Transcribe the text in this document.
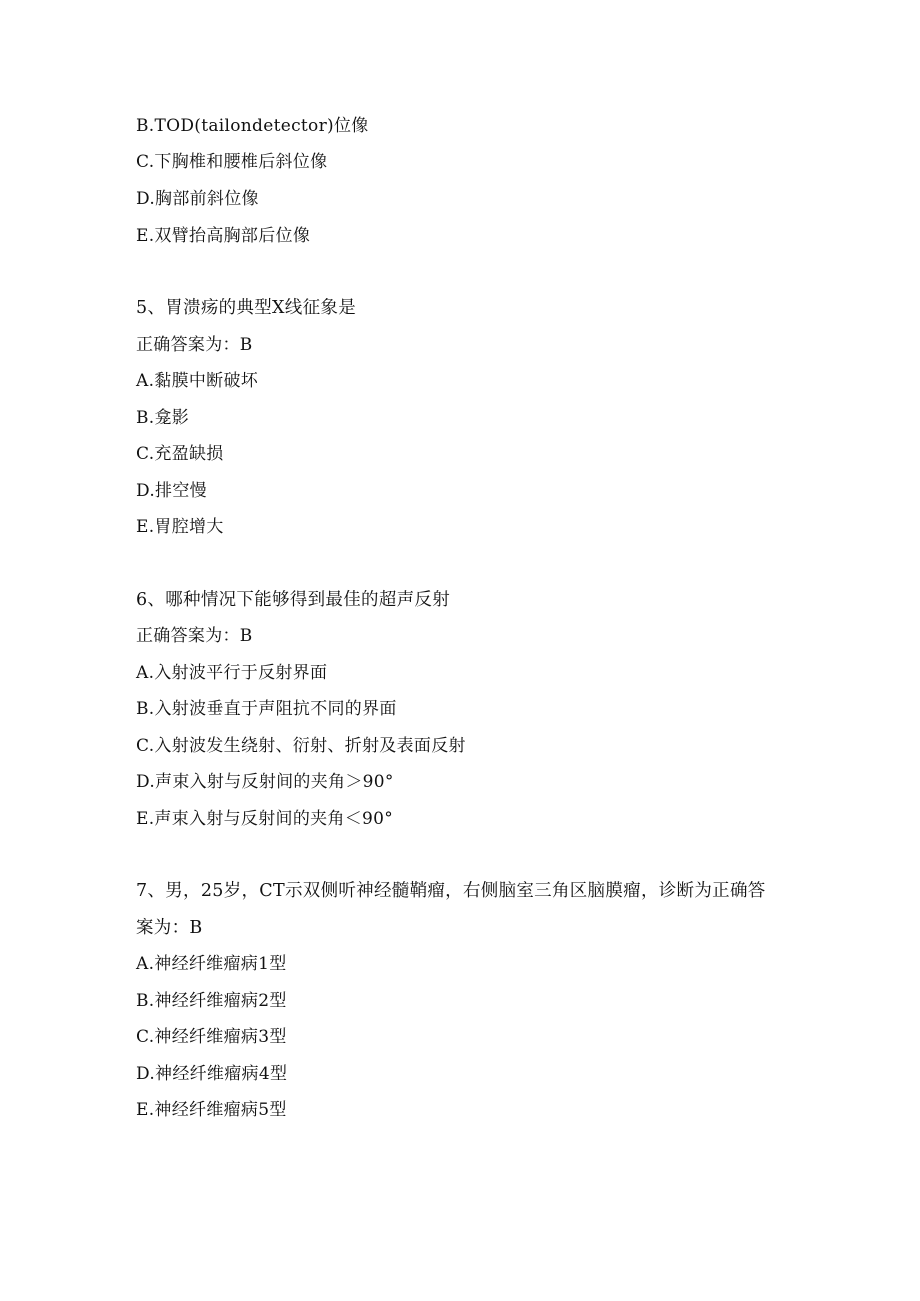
B.TOD(tailondetector)位像
C.下胸椎和腰椎后斜位像
D.胸部前斜位像
E.双臂抬高胸部后位像
5、胃溃疡的典型X线征象是
正确答案为：B
A.黏膜中断破坏
B.龛影
C.充盈缺损
D.排空慢
E.胃腔增大
6、哪种情况下能够得到最佳的超声反射
正确答案为：B
A.入射波平行于反射界面
B.入射波垂直于声阻抗不同的界面
C.入射波发生绕射、衍射、折射及表面反射
D.声束入射与反射间的夹角＞90°
E.声束入射与反射间的夹角＜90°
7、男，25岁，CT示双侧听神经髓鞘瘤，右侧脑室三角区脑膜瘤，诊断为正确答
案为：B
A.神经纤维瘤病1型
B.神经纤维瘤病2型
C.神经纤维瘤病3型
D.神经纤维瘤病4型
E.神经纤维瘤病5型
